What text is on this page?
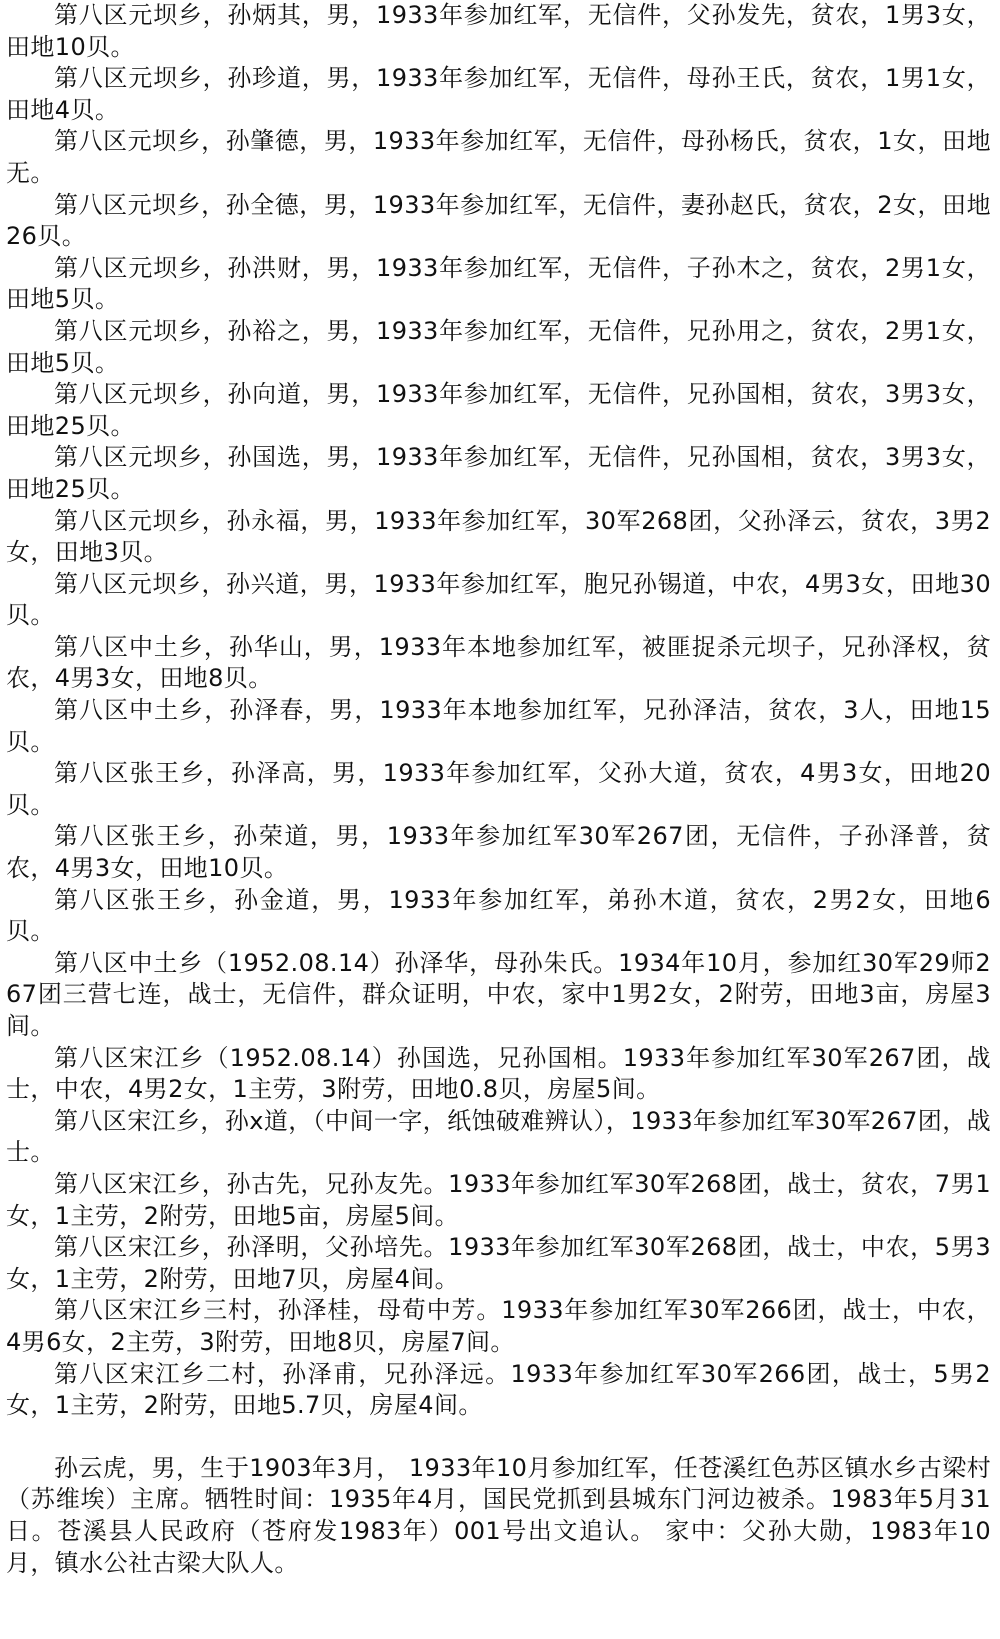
第八区元坝乡，孙炳其，男，1933年参加红军，无信件，父孙发先，贫农，1男3女，田地10贝。

第八区元坝乡，孙珍道，男，1933年参加红军，无信件，母孙王氏，贫农，1男1女，田地4贝。

第八区元坝乡，孙肇德，男，1933年参加红军，无信件，母孙杨氏，贫农，1女，田地无。

第八区元坝乡，孙全德，男，1933年参加红军，无信件，妻孙赵氏，贫农，2女，田地26贝。

第八区元坝乡，孙洪财，男，1933年参加红军，无信件，子孙木之，贫农，2男1女，田地5贝。

第八区元坝乡，孙裕之，男，1933年参加红军，无信件，兄孙用之，贫农，2男1女，田地5贝。

第八区元坝乡，孙向道，男，1933年参加红军，无信件，兄孙国相，贫农，3男3女，田地25贝。

第八区元坝乡，孙国选，男，1933年参加红军，无信件，兄孙国相，贫农，3男3女，田地25贝。

第八区元坝乡，孙永福，男，1933年参加红军，30军268团，父孙泽云，贫农，3男2女，田地3贝。

第八区元坝乡，孙兴道，男，1933年参加红军，胞兄孙锡道，中农，4男3女，田地30贝。

第八区中土乡，孙华山，男，1933年本地参加红军，被匪捉杀元坝子，兄孙泽权，贫农，4男3女，田地8贝。

第八区中土乡，孙泽春，男，1933年本地参加红军，兄孙泽洁，贫农，3人，田地15贝。

第八区张王乡，孙泽高，男，1933年参加红军，父孙大道，贫农，4男3女，田地20贝。

第八区张王乡，孙荣道，男，1933年参加红军30军267团，无信件，子孙泽普，贫农，4男3女，田地10贝。

第八区张王乡，孙金道，男，1933年参加红军，弟孙木道，贫农，2男2女，田地6贝。

第八区中土乡（1952.08.14）孙泽华，母孙朱氏。1934年10月，参加红30军29师267团三营七连，战士，无信件，群众证明，中农，家中1男2女，2附劳，田地3亩，房屋3间。

第八区宋江乡（1952.08.14）孙国选，兄孙国相。1933年参加红军30军267团，战士，中农，4男2女，1主劳，3附劳，田地0.8贝，房屋5间。

第八区宋江乡，孙x道，（中间一字，纸蚀破难辨认），1933年参加红军30军267团，战士。

第八区宋江乡，孙古先，兄孙友先。1933年参加红军30军268团，战士，贫农，7男1女，1主劳，2附劳，田地5亩，房屋5间。

第八区宋江乡，孙泽明，父孙培先。1933年参加红军30军268团，战士，中农，5男3女，1主劳，2附劳，田地7贝，房屋4间。

第八区宋江乡三村，孙泽桂，母荀中芳。1933年参加红军30军266团，战士，中农，4男6女，2主劳，3附劳，田地8贝，房屋7间。

第八区宋江乡二村，孙泽甫，兄孙泽远。1933年参加红军30军266团，战士，5男2女，1主劳，2附劳，田地5.7贝，房屋4间。

孙云虎，男，生于1903年3月， 1933年10月参加红军，任苍溪红色苏区镇水乡古梁村（苏维埃）主席。牺牲时间：1935年4月，国民党抓到县城东门河边被杀。1983年5月31日。苍溪县人民政府（苍府发1983年）001号出文追认。 家中：父孙大勋，1983年10月，镇水公社古梁大队人。
